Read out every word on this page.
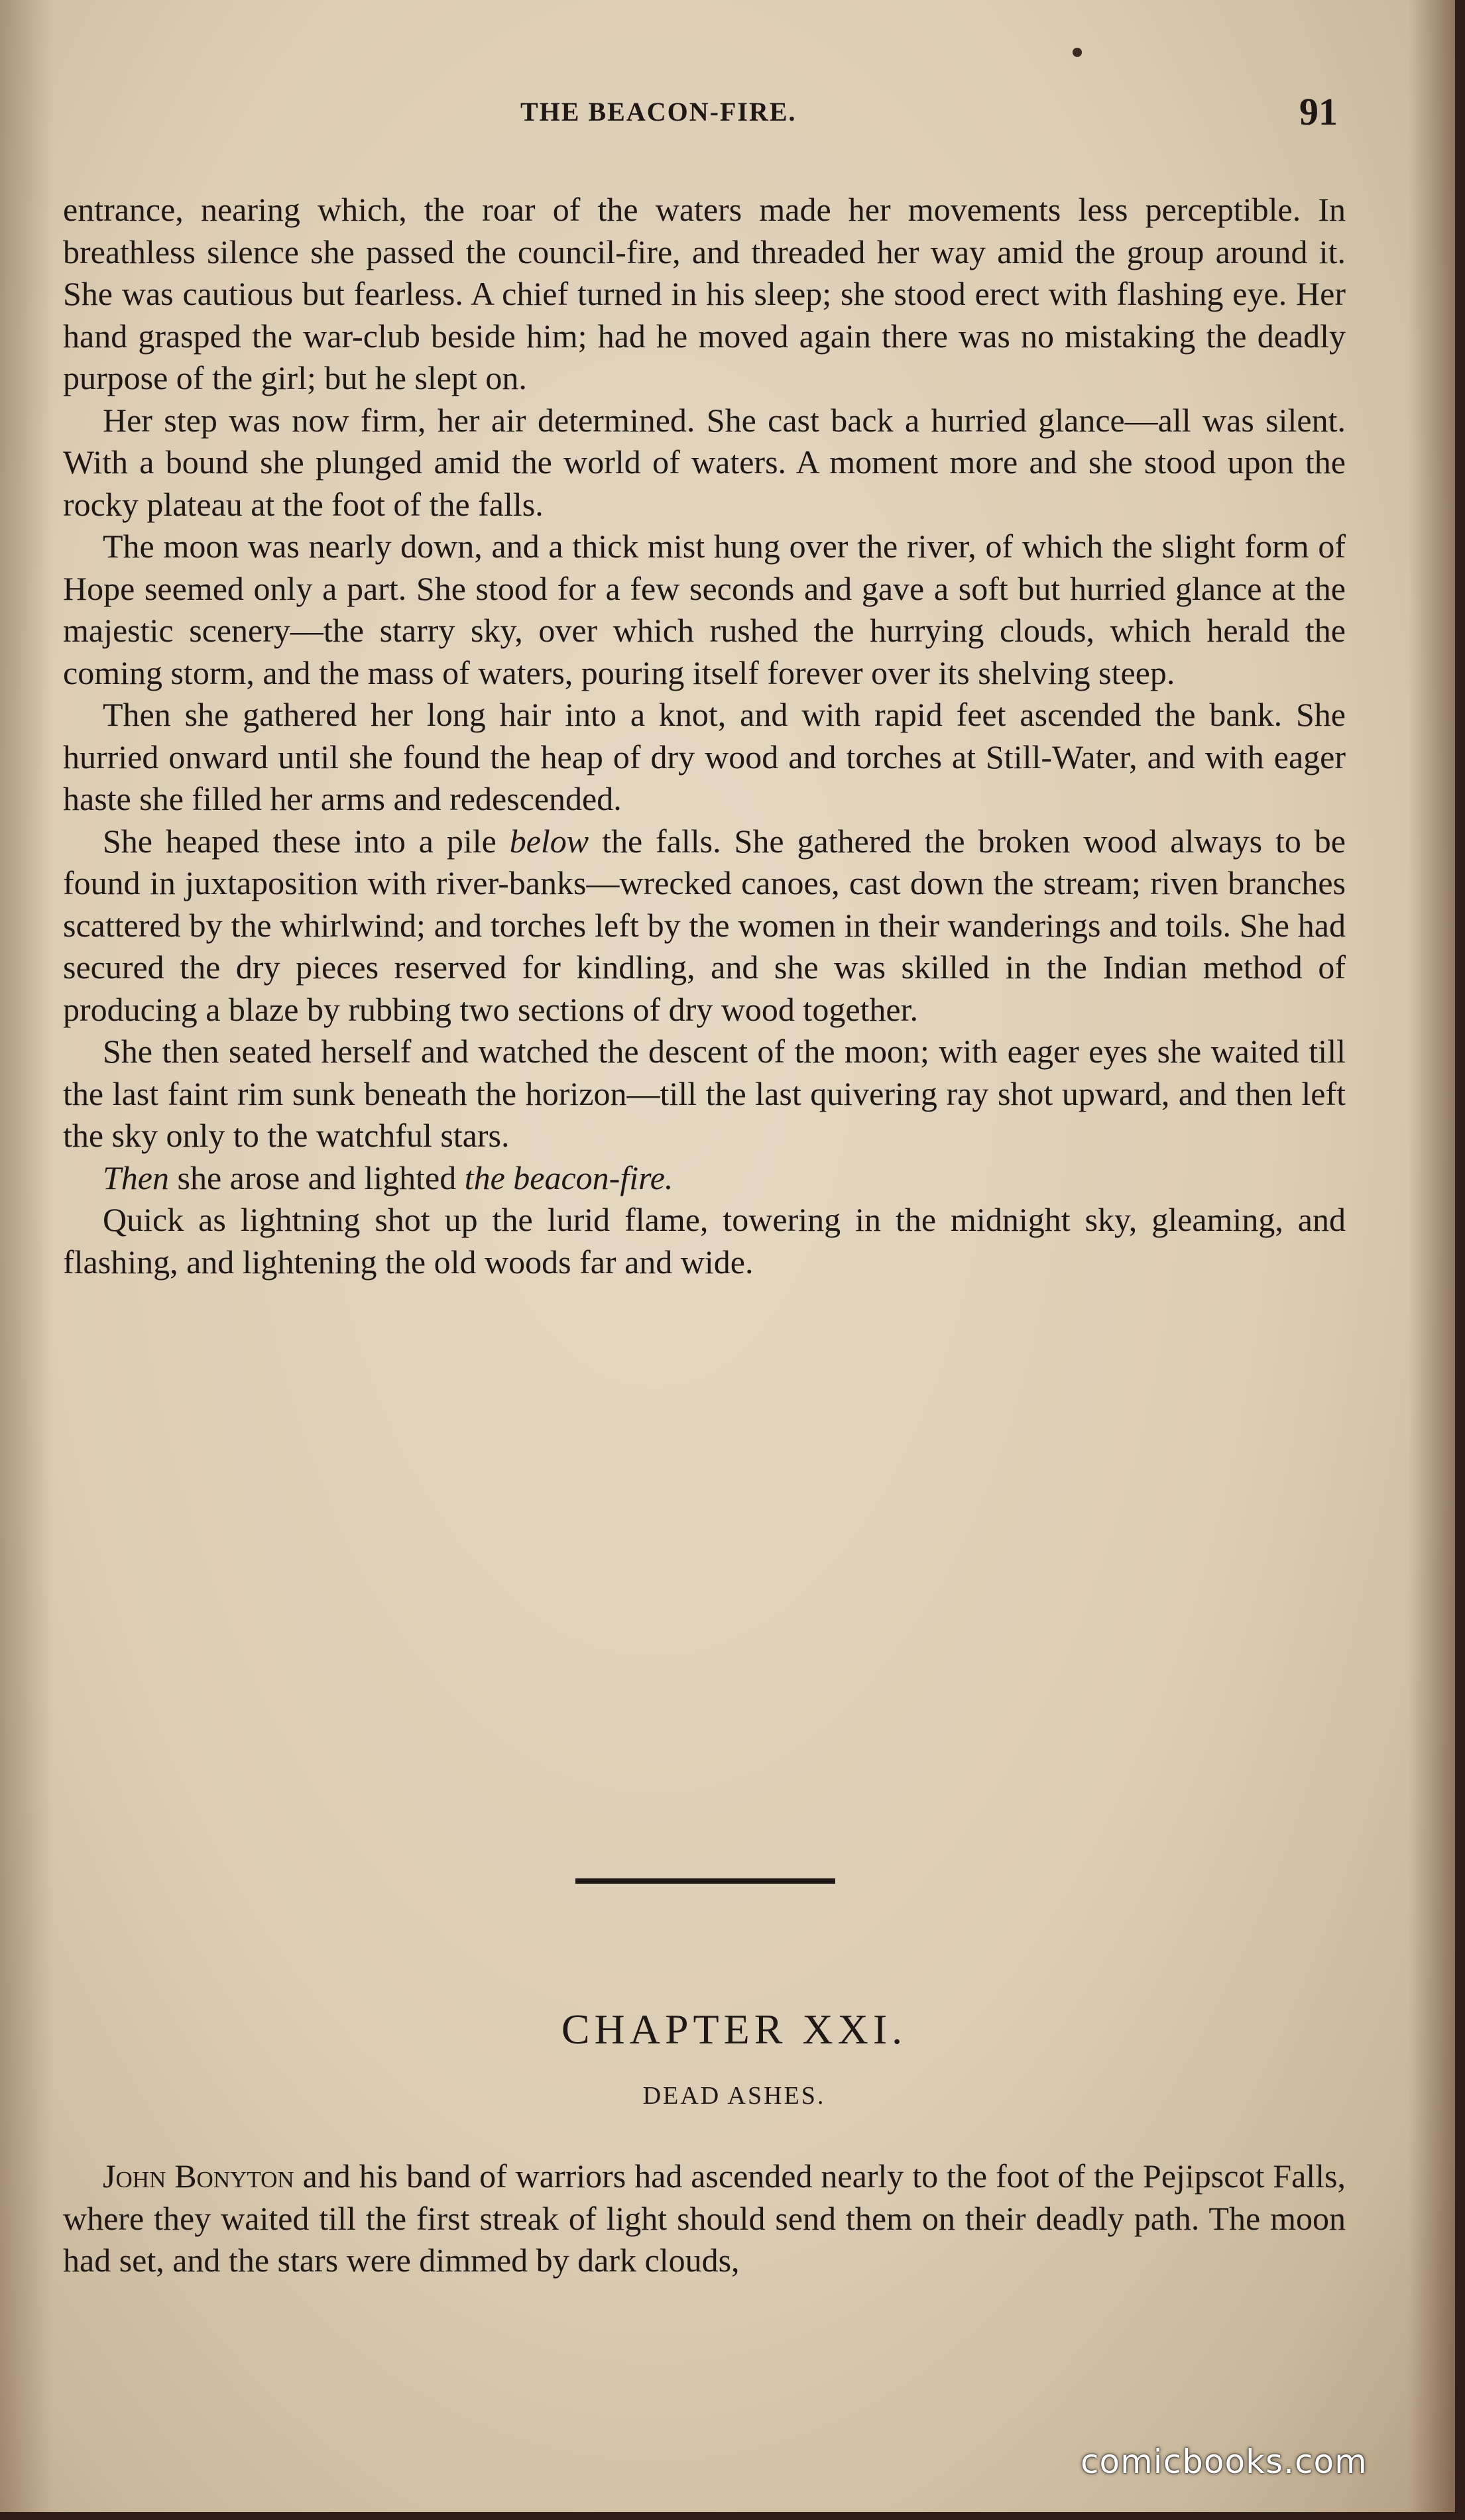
THE BEACON-FIRE.	91

entrance, nearing which, the roar of the waters made her movements less perceptible. In breathless silence she passed the council-fire, and threaded her way amid the group around it. She was cautious but fearless. A chief turned in his sleep; she stood erect with flashing eye. Her hand grasped the war-club beside him; had he moved again there was no mistaking the deadly purpose of the girl; but he slept on.

Her step was now firm, her air determined. She cast back a hurried glance—all was silent. With a bound she plunged amid the world of waters. A moment more and she stood upon the rocky plateau at the foot of the falls.

The moon was nearly down, and a thick mist hung over the river, of which the slight form of Hope seemed only a part. She stood for a few seconds and gave a soft but hurried glance at the majestic scenery—the starry sky, over which rushed the hurrying clouds, which herald the coming storm, and the mass of waters, pouring itself forever over its shelving steep.

Then she gathered her long hair into a knot, and with rapid feet ascended the bank. She hurried onward until she found the heap of dry wood and torches at Still-Water, and with eager haste she filled her arms and redescended.

She heaped these into a pile below the falls. She gathered the broken wood always to be found in juxtaposition with river-banks—wrecked canoes, cast down the stream; riven branches scattered by the whirlwind; and torches left by the women in their wanderings and toils. She had secured the dry pieces reserved for kindling, and she was skilled in the Indian method of producing a blaze by rubbing two sections of dry wood together.

She then seated herself and watched the descent of the moon; with eager eyes she waited till the last faint rim sunk beneath the horizon—till the last quivering ray shot upward, and then left the sky only to the watchful stars.

Then she arose and lighted the beacon-fire.

Quick as lightning shot up the lurid flame, towering in the midnight sky, gleaming, and flashing, and lightening the old woods far and wide.

CHAPTER XXI.
DEAD ASHES.

John Bonyton and his band of warriors had ascended nearly to the foot of the Pejipscot Falls, where they waited till the first streak of light should send them on their deadly path. The moon had set, and the stars were dimmed by dark clouds,

comicbooks.com
